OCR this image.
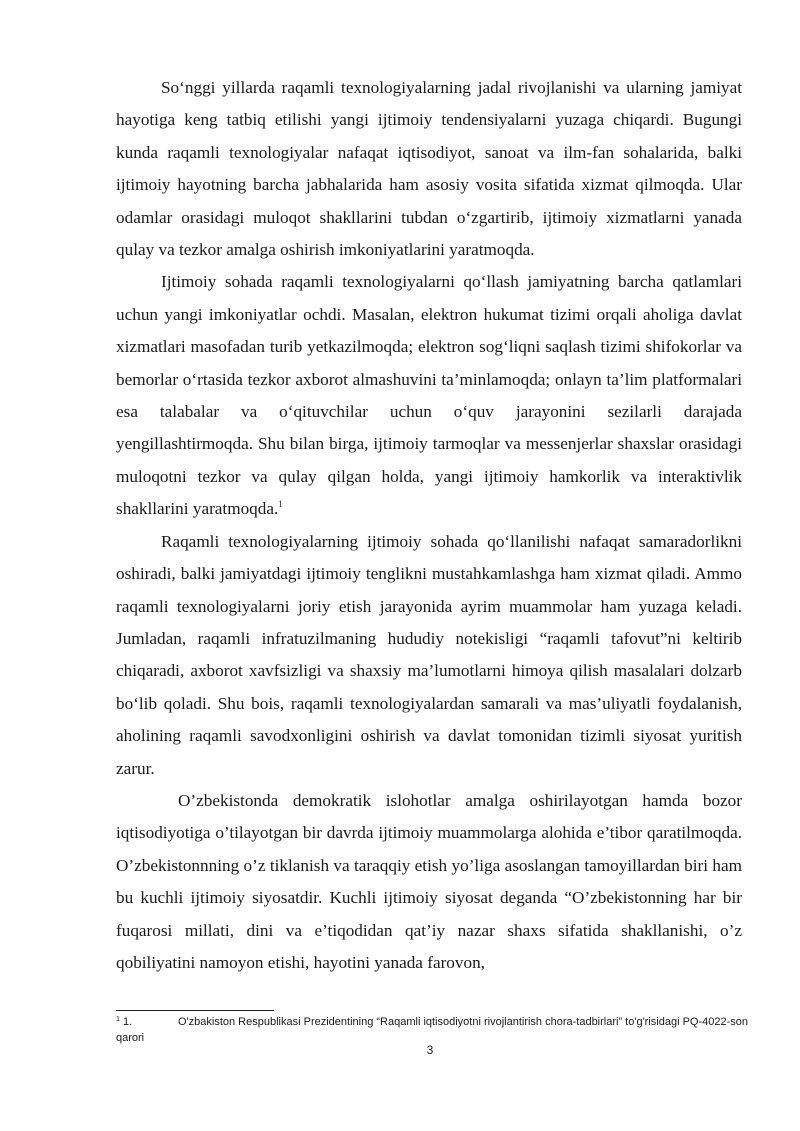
So‘nggi yillarda raqamli texnologiyalarning jadal rivojlanishi va ularning jamiyat hayotiga keng tatbiq etilishi yangi ijtimoiy tendensiyalarni yuzaga chiqardi. Bugungi kunda raqamli texnologiyalar nafaqat iqtisodiyot, sanoat va ilm-fan sohalarida, balki ijtimoiy hayotning barcha jabhalarida ham asosiy vosita sifatida xizmat qilmoqda. Ular odamlar orasidagi muloqot shakllarini tubdan o‘zgartirib, ijtimoiy xizmatlarni yanada qulay va tezkor amalga oshirish imkoniyatlarini yaratmoqda.

Ijtimoiy sohada raqamli texnologiyalarni qo‘llash jamiyatning barcha qatlamlari uchun yangi imkoniyatlar ochdi. Masalan, elektron hukumat tizimi orqali aholiga davlat xizmatlari masofadan turib yetkazilmoqda; elektron sog‘liqni saqlash tizimi shifokorlar va bemorlar o‘rtasida tezkor axborot almashuvini ta’minlamoqda; onlayn ta’lim platformalari esa talabalar va o‘qituvchilar uchun o‘quv jarayonini sezilarli darajada yengillashtirmoqda. Shu bilan birga, ijtimoiy tarmoqlar va messenjerlar shaxslar orasidagi muloqotni tezkor va qulay qilgan holda, yangi ijtimoiy hamkorlik va interaktivlik shakllarini yaratmoqda.$^1$

Raqamli texnologiyalarning ijtimoiy sohada qo‘llanilishi nafaqat samaradorlikni oshiradi, balki jamiyatdagi ijtimoiy tenglikni mustahkamlashga ham xizmat qiladi. Ammo raqamli texnologiyalarni joriy etish jarayonida ayrim muammolar ham yuzaga keladi. Jumladan, raqamli infratuzilmaning hududiy notekisligi “raqamli tafovut”ni keltirib chiqaradi, axborot xavfsizligi va shaxsiy ma’lumotlarni himoya qilish masalalari dolzarb bo‘lib qoladi. Shu bois, raqamli texnologiyalardan samarali va mas’uliyatli foydalanish, aholining raqamli savodxonligini oshirish va davlat tomonidan tizimli siyosat yuritish zarur.

O’zbekistonda demokratik islohotlar amalga oshirilayotgan hamda bozor iqtisodiyotiga o’tilayotgan bir davrda ijtimoiy muammolarga alohida e’tibor qaratilmoqda. O’zbekistonnning o’z tiklanish va taraqqiy etish yo’liga asoslangan tamoyillardan biri ham bu kuchli ijtimoiy siyosatdir. Kuchli ijtimoiy siyosat deganda “O’zbekistonning har bir fuqarosi millati, dini va e’tiqodidan qat’iy nazar shaxs sifatida shakllanishi, o’z qobiliyatini namoyon etishi, hayotini yanada farovon,

$^1$ 1.	O'zbakiston Respublikasi Prezidentining “Raqamli iqtisodiyotni rivojlantirish chora-tadbirlari” to'g'risidagi PQ-4022-son qarori
3
